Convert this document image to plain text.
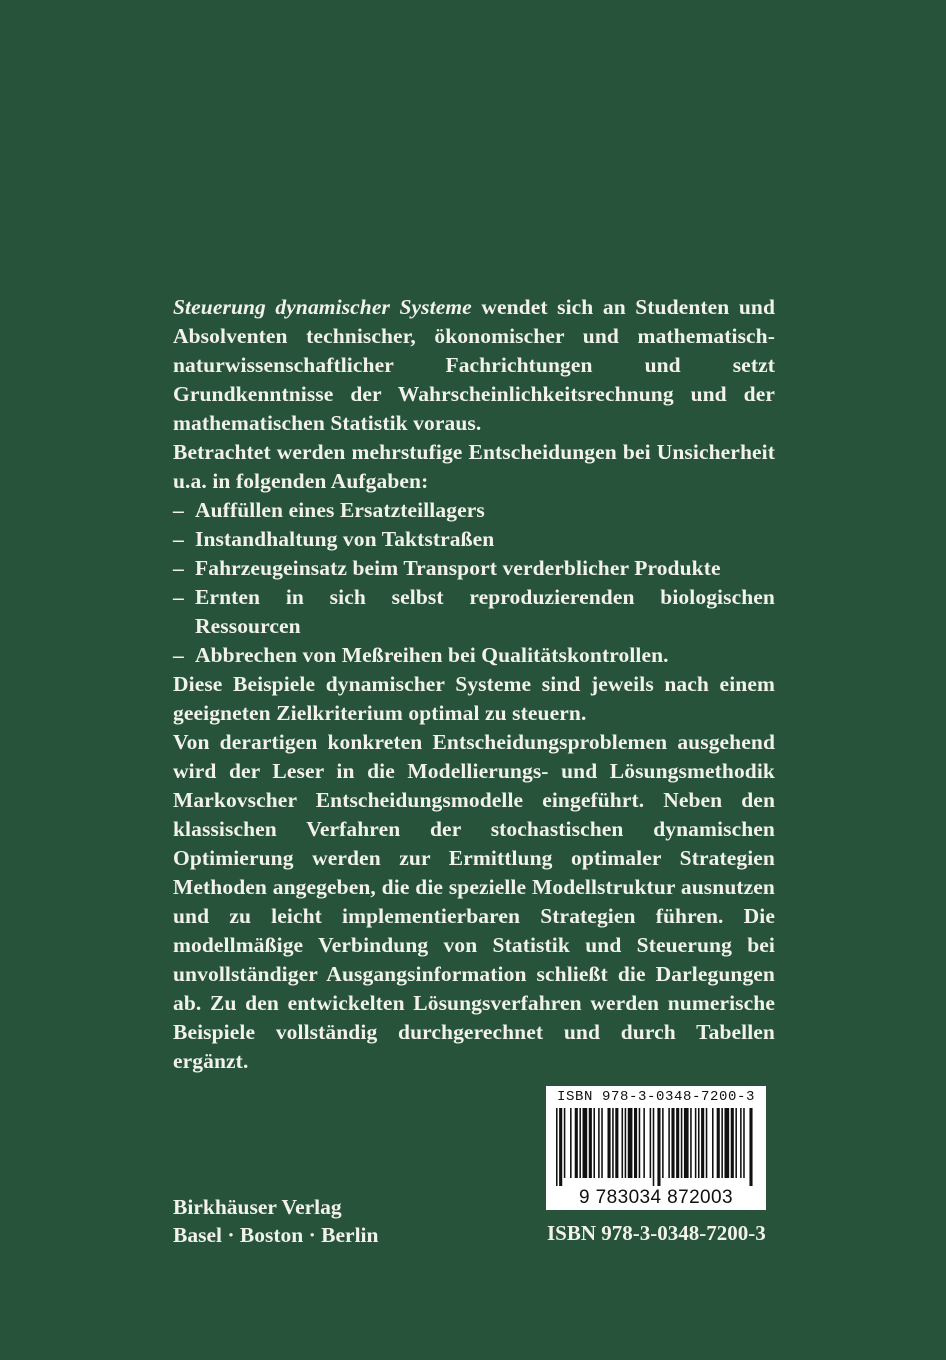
Steuerung dynamischer Systeme wendet sich an Studenten und Absolventen technischer, ökonomischer und mathematisch-naturwissenschaftlicher Fachrichtungen und setzt Grundkenntnisse der Wahrscheinlichkeitsrechnung und der mathematischen Statistik voraus.

Betrachtet werden mehrstufige Entscheidungen bei Unsicherheit u.a. in folgenden Aufgaben:

– Auffüllen eines Ersatzteillagers
– Instandhaltung von Taktstraßen
– Fahrzeugeinsatz beim Transport verderblicher Produkte
– Ernten in sich selbst reproduzierenden biologischen Ressourcen
– Abbrechen von Meßreihen bei Qualitätskontrollen.

Diese Beispiele dynamischer Systeme sind jeweils nach einem geeigneten Zielkriterium optimal zu steuern.

Von derartigen konkreten Entscheidungsproblemen ausgehend wird der Leser in die Modellierungs- und Lösungsmethodik Markovscher Entscheidungsmodelle eingeführt. Neben den klassischen Verfahren der stochastischen dynamischen Optimierung werden zur Ermittlung optimaler Strategien Methoden angegeben, die die spezielle Modellstruktur ausnutzen und zu leicht implementierbaren Strategien führen. Die modellmäßige Verbindung von Statistik und Steuerung bei unvollständiger Ausgangsinformation schließt die Darlegungen ab. Zu den entwickelten Lösungsverfahren werden numerische Beispiele vollständig durchgerechnet und durch Tabellen ergänzt.

Birkhäuser Verlag
Basel · Boston · Berlin
ISBN 978-3-0348-7200-3
9 783034 872003
ISBN 978-3-0348-7200-3
